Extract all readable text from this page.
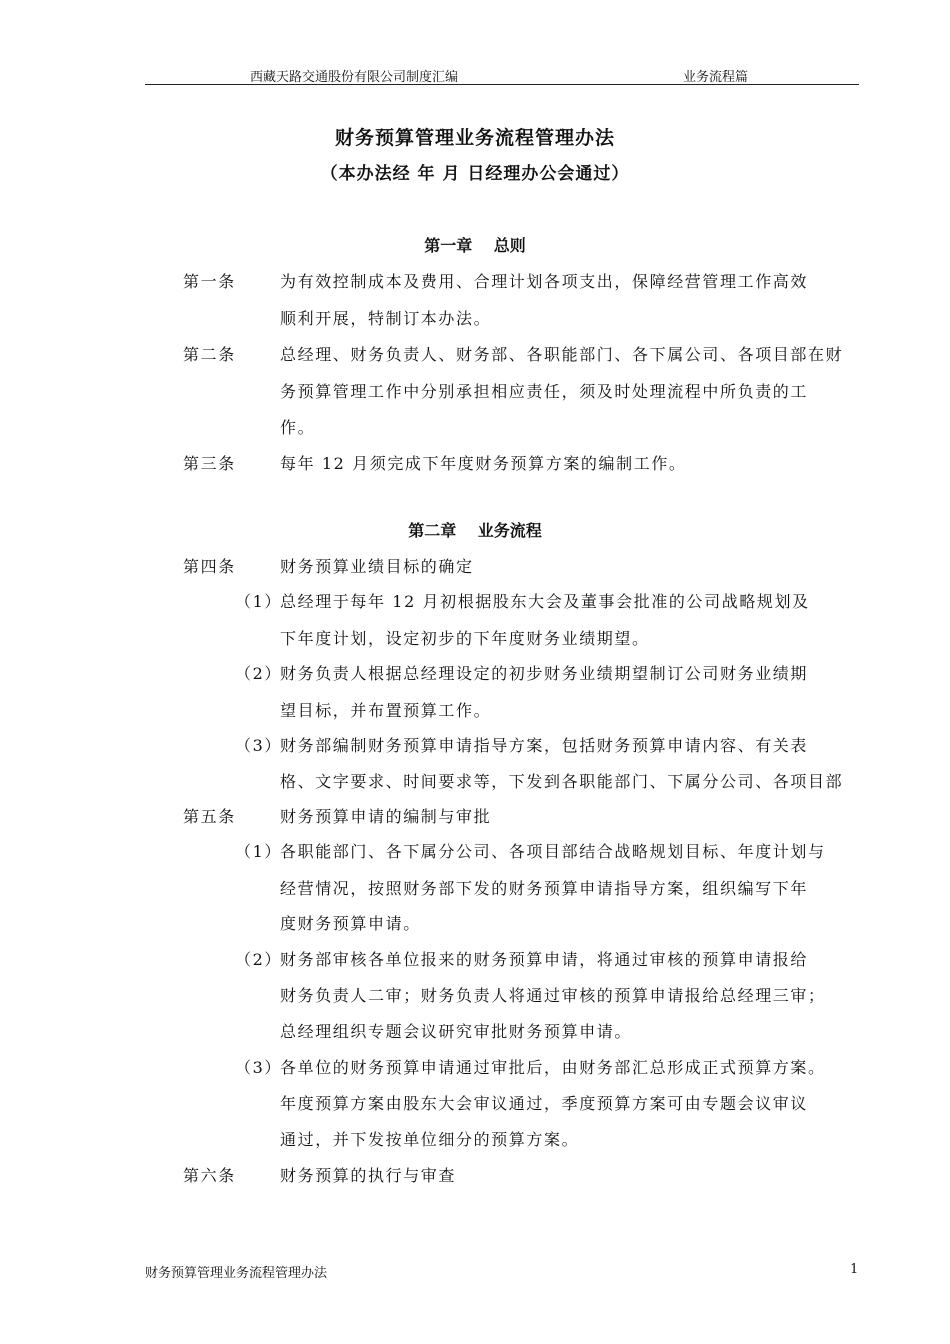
西藏天路交通股份有限公司制度汇编	业务流程篇
财务预算管理业务流程管理办法
（本办法经 年 月 日经理办公会通过）
第一章　 总则
第一条	为有效控制成本及费用、合理计划各项支出，保障经营管理工作高效
顺利开展，特制订本办法。
第二条	总经理、财务负责人、财务部、各职能部门、各下属公司、各项目部在财
务预算管理工作中分别承担相应责任，须及时处理流程中所负责的工
作。
第三条	每年 12 月须完成下年度财务预算方案的编制工作。
第二章　 业务流程
第四条	财务预算业绩目标的确定
（1）
总经理于每年 12 月初根据股东大会及董事会批准的公司战略规划及
下年度计划，设定初步的下年度财务业绩期望。
（2）
财务负责人根据总经理设定的初步财务业绩期望制订公司财务业绩期
望目标，并布置预算工作。
（3）
财务部编制财务预算申请指导方案，包括财务预算申请内容、有关表
格、文字要求、时间要求等，下发到各职能部门、下属分公司、各项目部
第五条	财务预算申请的编制与审批
（1）
各职能部门、各下属分公司、各项目部结合战略规划目标、年度计划与
经营情况，按照财务部下发的财务预算申请指导方案，组织编写下年
度财务预算申请。
（2）
财务部审核各单位报来的财务预算申请，将通过审核的预算申请报给
财务负责人二审；财务负责人将通过审核的预算申请报给总经理三审；
总经理组织专题会议研究审批财务预算申请。
（3）
各单位的财务预算申请通过审批后，由财务部汇总形成正式预算方案。
年度预算方案由股东大会审议通过，季度预算方案可由专题会议审议
通过，并下发按单位细分的预算方案。
第六条	财务预算的执行与审查
财务预算管理业务流程管理办法	1
